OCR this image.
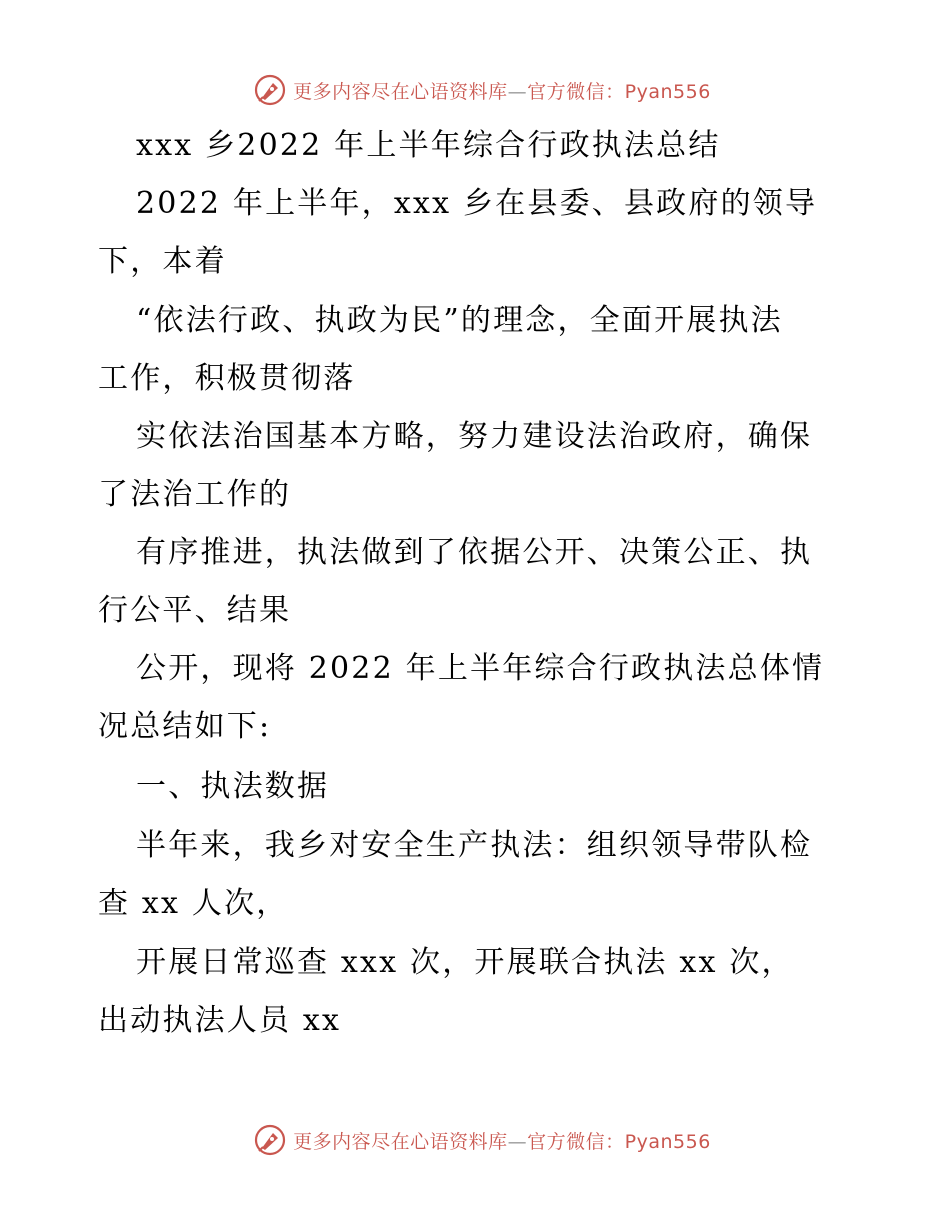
更多内容尽在心语资料库—官方微信：Pyan556
xxx 乡2022 年上半年综合行政执法总结
2022 年上半年，xxx 乡在县委、县政府的领导
下，本着
“依法行政、执政为民”的理念，全面开展执法
工作，积极贯彻落
实依法治国基本方略，努力建设法治政府，确保
了法治工作的
有序推进，执法做到了依据公开、决策公正、执
行公平、结果
公开，现将 2022 年上半年综合行政执法总体情
况总结如下:
一、执法数据
半年来，我乡对安全生产执法：组织领导带队检
查 xx 人次，
开展日常巡查 xxx 次，开展联合执法 xx 次，
出动执法人员 xx
更多内容尽在心语资料库—官方微信：Pyan556
